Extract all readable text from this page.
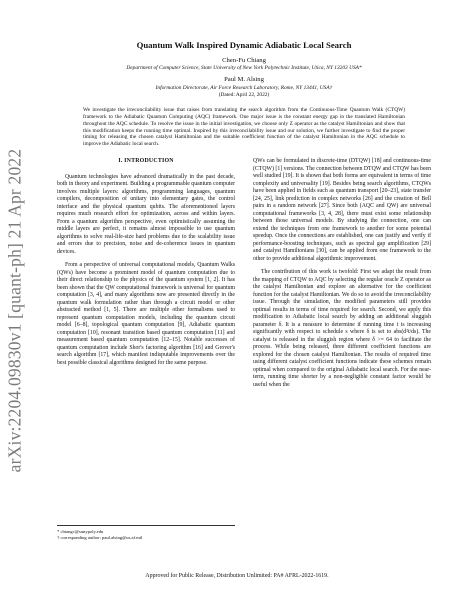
arXiv:2204.09830v1 [quant-ph] 21 Apr 2022
Quantum Walk Inspired Dynamic Adiabatic Local Search
Chen-Fu Chiang
Department of Computer Science, State University of New York Polytechnic Institute, Utica, NY 13203 USA*
Paul M. Alsing
Information Directorate, Air Force Research Laboratory, Rome, NY 13441, USA†
(Dated: April 22, 2022)
We investigate the irreconcilability issue that raises from translating the search algorithm from the Continuous-Time Quantum Walk (CTQW) framework to the Adiabatic Quantum Computing (AQC) framework. One major issue is the constant energy gap in the translated Hamiltonian throughout the AQC schedule. To resolve the issue in the initial investigation, we choose only Z operator as the catalyst Hamiltonian and show that this modification keeps the running time optimal. Inspired by this irreconcilability issue and our solution, we further investigate to find the proper timing for releasing the chosen catalyst Hamiltonian and the suitable coefficient function of the catalyst Hamiltonian in the AQC schedule to improve the Adiabatic local search.
I. INTRODUCTION

Quantum technologies have advanced dramatically in the past decade, both in theory and experiment. Building a programmable quantum computer involves multiple layers: algorithms, programming languages, quantum compilers, decomposition of unitary into elementary gates, the control interface and the physical quantum qubits. The aforementioned layers requires much research effort for optimization, across and within layers. From a quantum algorithm perspective, even optimistically assuming the middle layers are perfect, it remains almost impossible to use quantum algorithms to solve real-life-size hard problems due to the scalability issue and errors due to precision, noise and de-coherence issues in quantum devices.

From a perspective of universal computational models, Quantum Walks (QWs) have become a prominent model of quantum computation due to their direct relationship to the physics of the quantum system [1, 2]. It has been shown that the QW computational framework is universal for quantum computation [3, 4], and many algorithms now are presented directly in the quantum walk formulation rather than through a circuit model or other abstracted method [1, 5]. There are multiple other formalisms used to represent quantum computation models, including the quantum circuit model [6–8], topological quantum computation [9], Adiabatic quantum computation [10], resonant transition based quantum computation [11] and measurement based quantum computation [12–15]. Notable successes of quantum computation include Shor's factoring algorithm [16] and Grover's search algorithm [17], which manifest indisputable improvements over the best possible classical algorithms designed for the same purpose.

QWs can be formulated in discrete-time (DTQW) [18] and continuous-time (CTQW) [1] versions. The connection between DTQW and CTQW has been well studied [19]. It is shown that both forms are equivalent in terms of time complexity and universality [19]. Besides being search algorithms, CTQWs have been applied in fields such as quantum transport [20–23], state transfer [24, 25], link prediction in complex networks [26] and the creation of Bell pairs in a random network [27]. Since both (AQC and QW) are universal computational frameworks [3, 4, 28], there must exist some relationship between those universal models. By studying the connection, one can extend the techniques from one framework to another for some potential speedup. Once the connections are established, one can justify and verify if performance-boosting techniques, such as spectral gap amplification [29] and catalyst Hamiltonians [30], can be applied from one framework to the other to provide additional algorithmic improvement.

The contribution of this work is twofold: First we adapt the result from the mapping of CTQW to AQC by selecting the regular oracle Z operator as the catalyst Hamiltonian and explore an alternative for the coefficient function for the catalyst Hamiltonian. We do so to avoid the irreconcilability issue. Through the simulation, the modified parameters still provides optimal results in terms of time required for search. Second, we apply this modification to Adiabatic local search by adding an additional sluggish parameter δ. It is a measure to determine if running time t is increasing significantly with respect to schedule s where δ is set to abs(d²t/ds). The catalyst is released in the sluggish region where δ >= 64 to facilitate the process. While being released, three different coefficient functions are explored for the chosen catalyst Hamiltonian. The results of required time using different catalyst coefficient functions indicate these schemes remain optimal when compared to the original Adiabatic local search. For the near-term, running time shorter by a non-negligible constant factor would be useful when the

* chiangc@sunypoly.edu
† corresponding author: paul.alsing@us.af.mil
Approved for Public Release, Distribution Unlimited: PA# AFRL-2022-1619.
